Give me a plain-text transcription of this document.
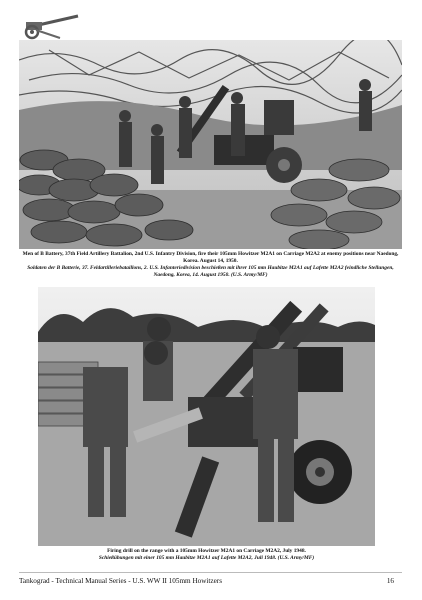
Men of B Battery, 37th Field Artillery Battalion, 2nd U.S. Infantry Division, fire their 105mm Howitzer M2A1 on Carriage M2A2 at enemy positions near Naedong, Korea. August 14, 1950.
Soldaten der B Batterie, 37. Feldartilleriebataillons, 2. U.S. Infanteriedivision beschießen mit ihrer 105 mm Haubitze M2A1 auf Lafette M2A2 feindliche Stellungen, Naedong, Korea, 14. August 1950. (U.S. Army/MF)
Firing drill on the range with a 105mm Howitzer M2A1 on Carriage M2A2, July 1948.
Schießübungen mit einer 105 mm Haubitze M2A1 auf Lafette M2A2, Juli 1948. (U.S. Army/MF)
Tankograd - Technical Manual Series - U.S. WW II 105mm Howitzers	16
